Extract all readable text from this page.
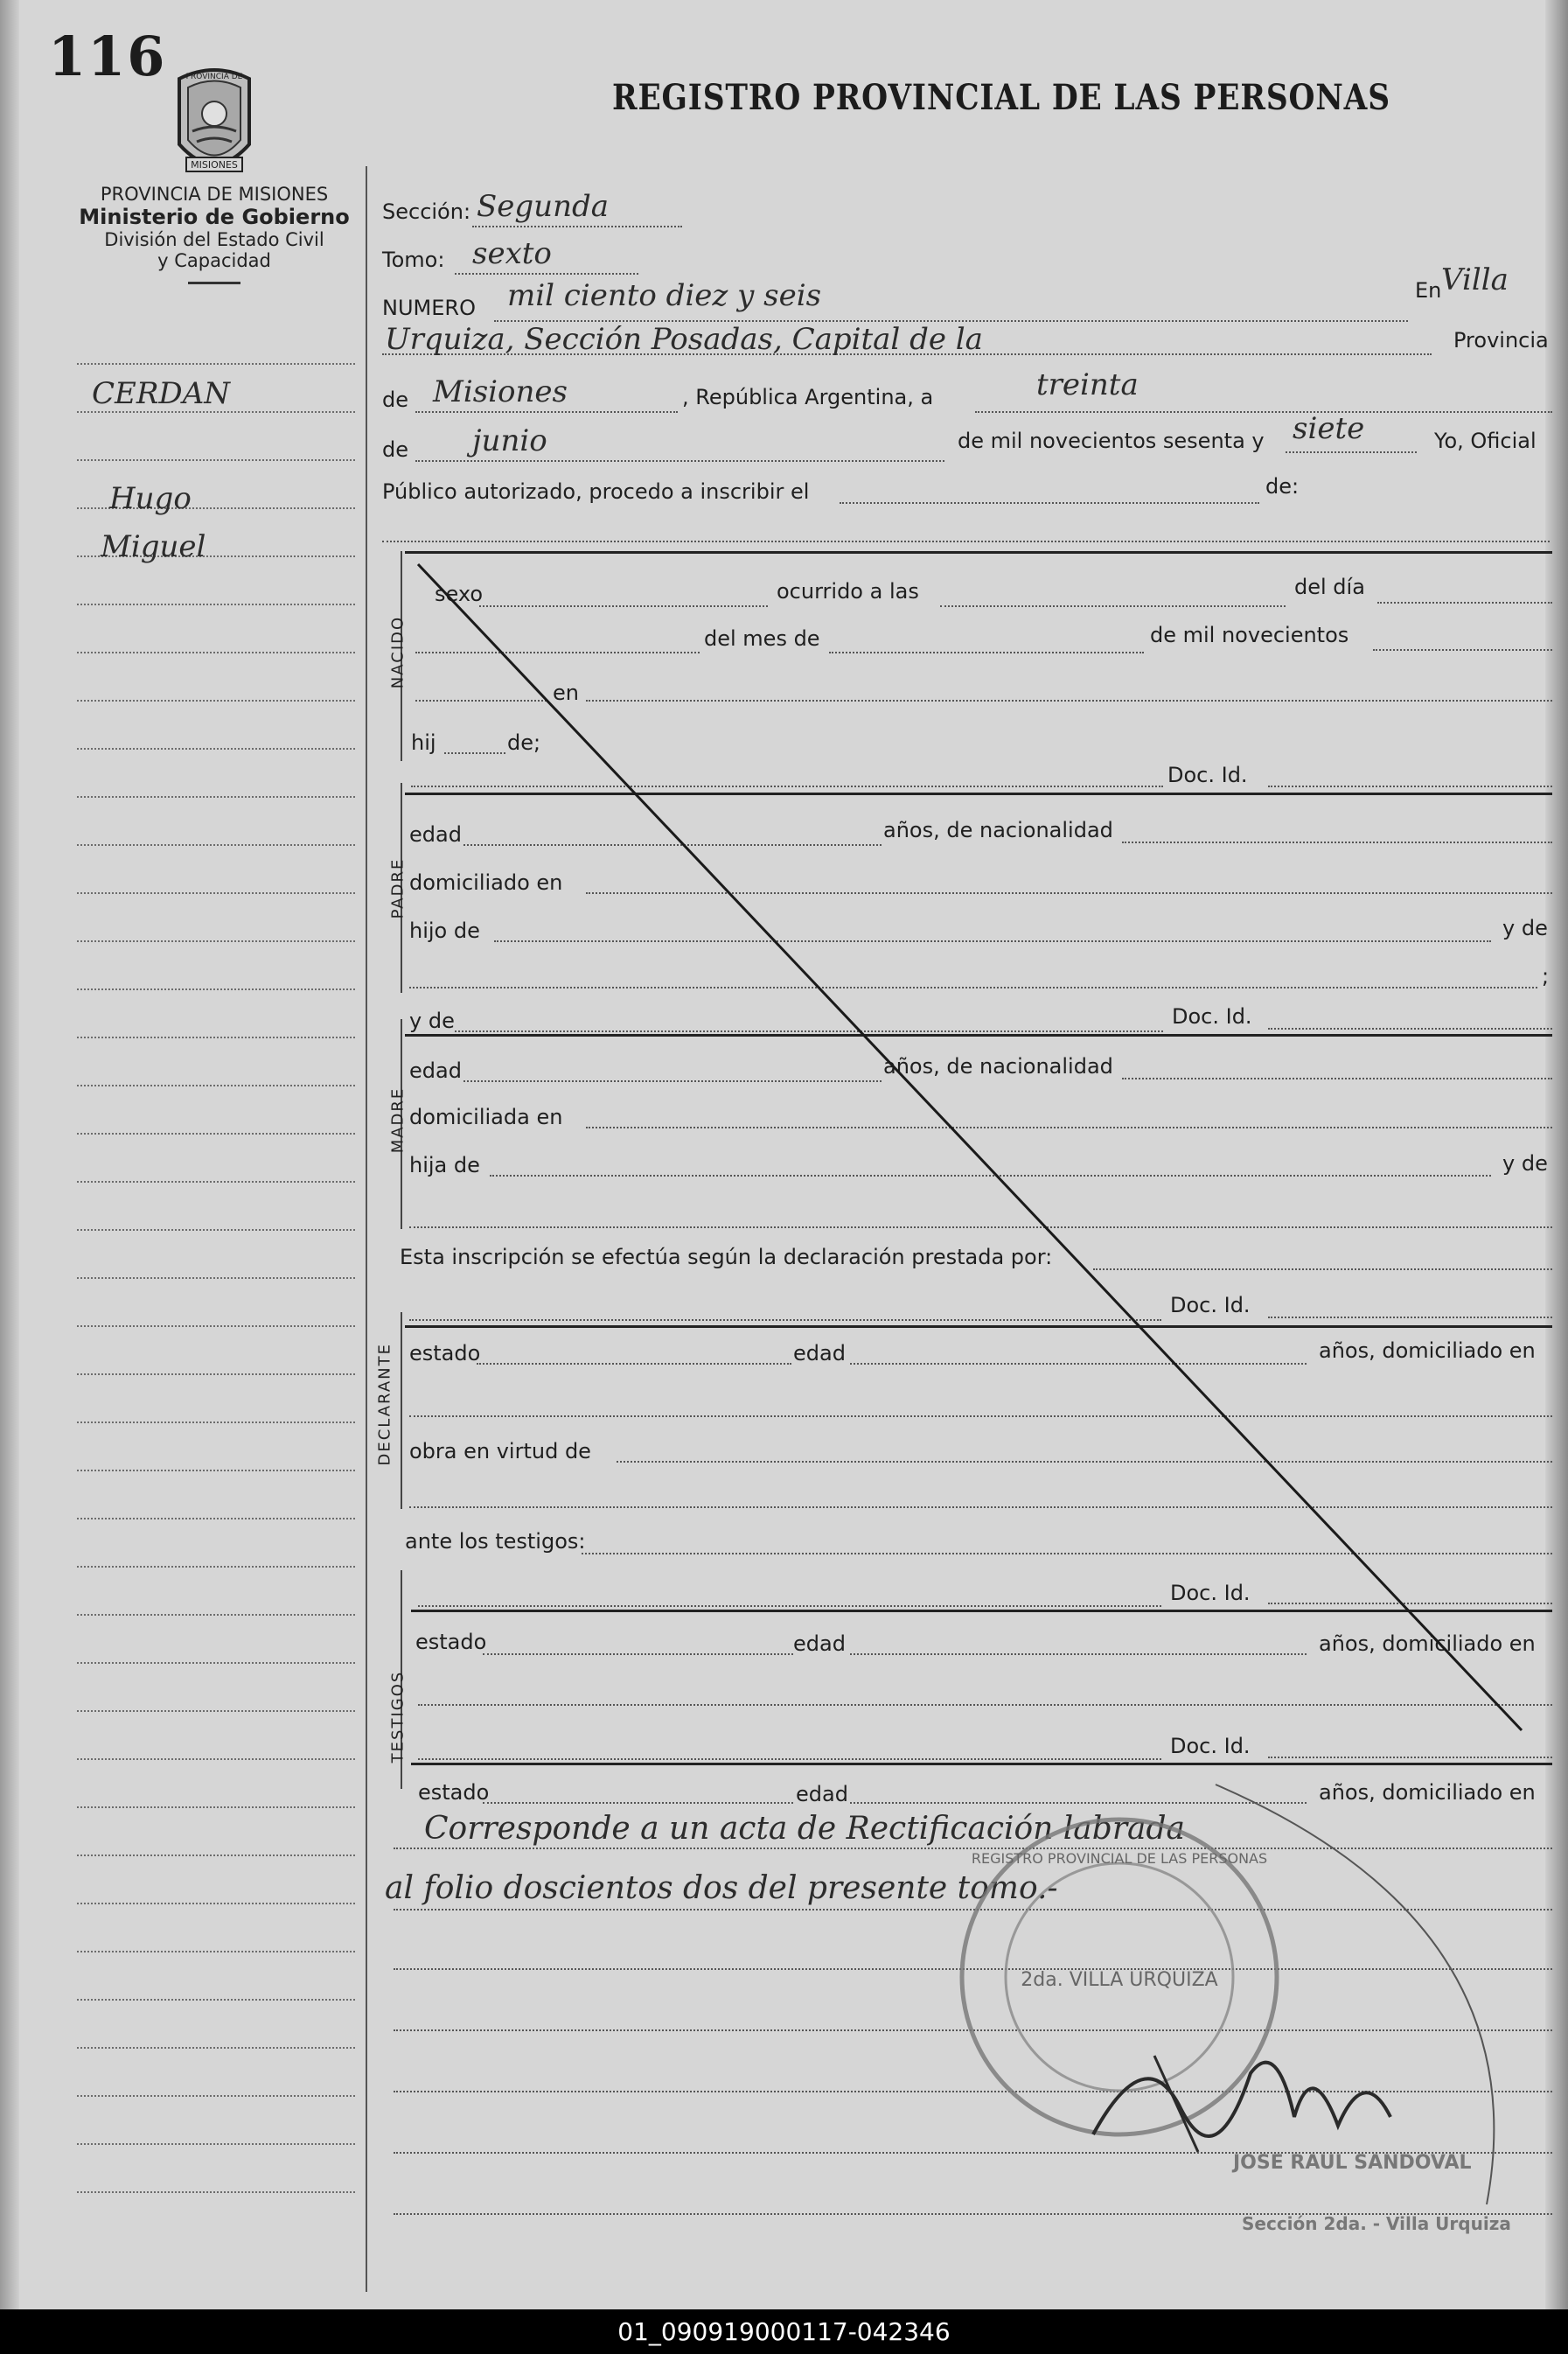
116
REGISTRO PROVINCIAL DE LAS PERSONAS
MISIONES
PROVINCIA DE
PROVINCIA DE MISIONES
Ministerio de Gobierno
División del Estado Civil
y Capacidad
CERDAN
Hugo
Miguel
Sección: Segunda
Tomo: sexto
NUMERO mil ciento diez y seis	En Villa
Urquiza, Sección Posadas, Capital de la	Provincia
de Misiones	, República Argentina, a	treinta
de junio	de mil novecientos sesenta y siete	Yo, Oficial
Público autorizado, procedo a inscribir el	de:
NACIDO
sexo	ocurrido a las	del día
del mes de	de mil novecientos
en
hij	de;
Doc. Id.
PADRE
edad	años, de nacionalidad
domiciliado en
hijo de	y de
;
y de	Doc. Id.
MADRE
edad	años, de nacionalidad
domiciliada en
hija de	y de
Esta inscripción se efectúa según la declaración prestada por:
Doc. Id.
DECLARANTE estado	edad	años, domiciliado en
obra en virtud de
ante los testigos:
TESTIGOS
Doc. Id.
estado	edad	años, domiciliado en
Doc. Id.
estado	edad	años, domiciliado en
Corresponde a un acta de Rectificación labrada
al folio doscientos dos del presente tomo.-
REGISTRO PROVINCIAL DE LAS PERSONAS
2da. VILLA URQUIZA
JOSE RAUL SANDOVAL
Sección 2da. - Villa Urquiza
01_090919000117-042346
